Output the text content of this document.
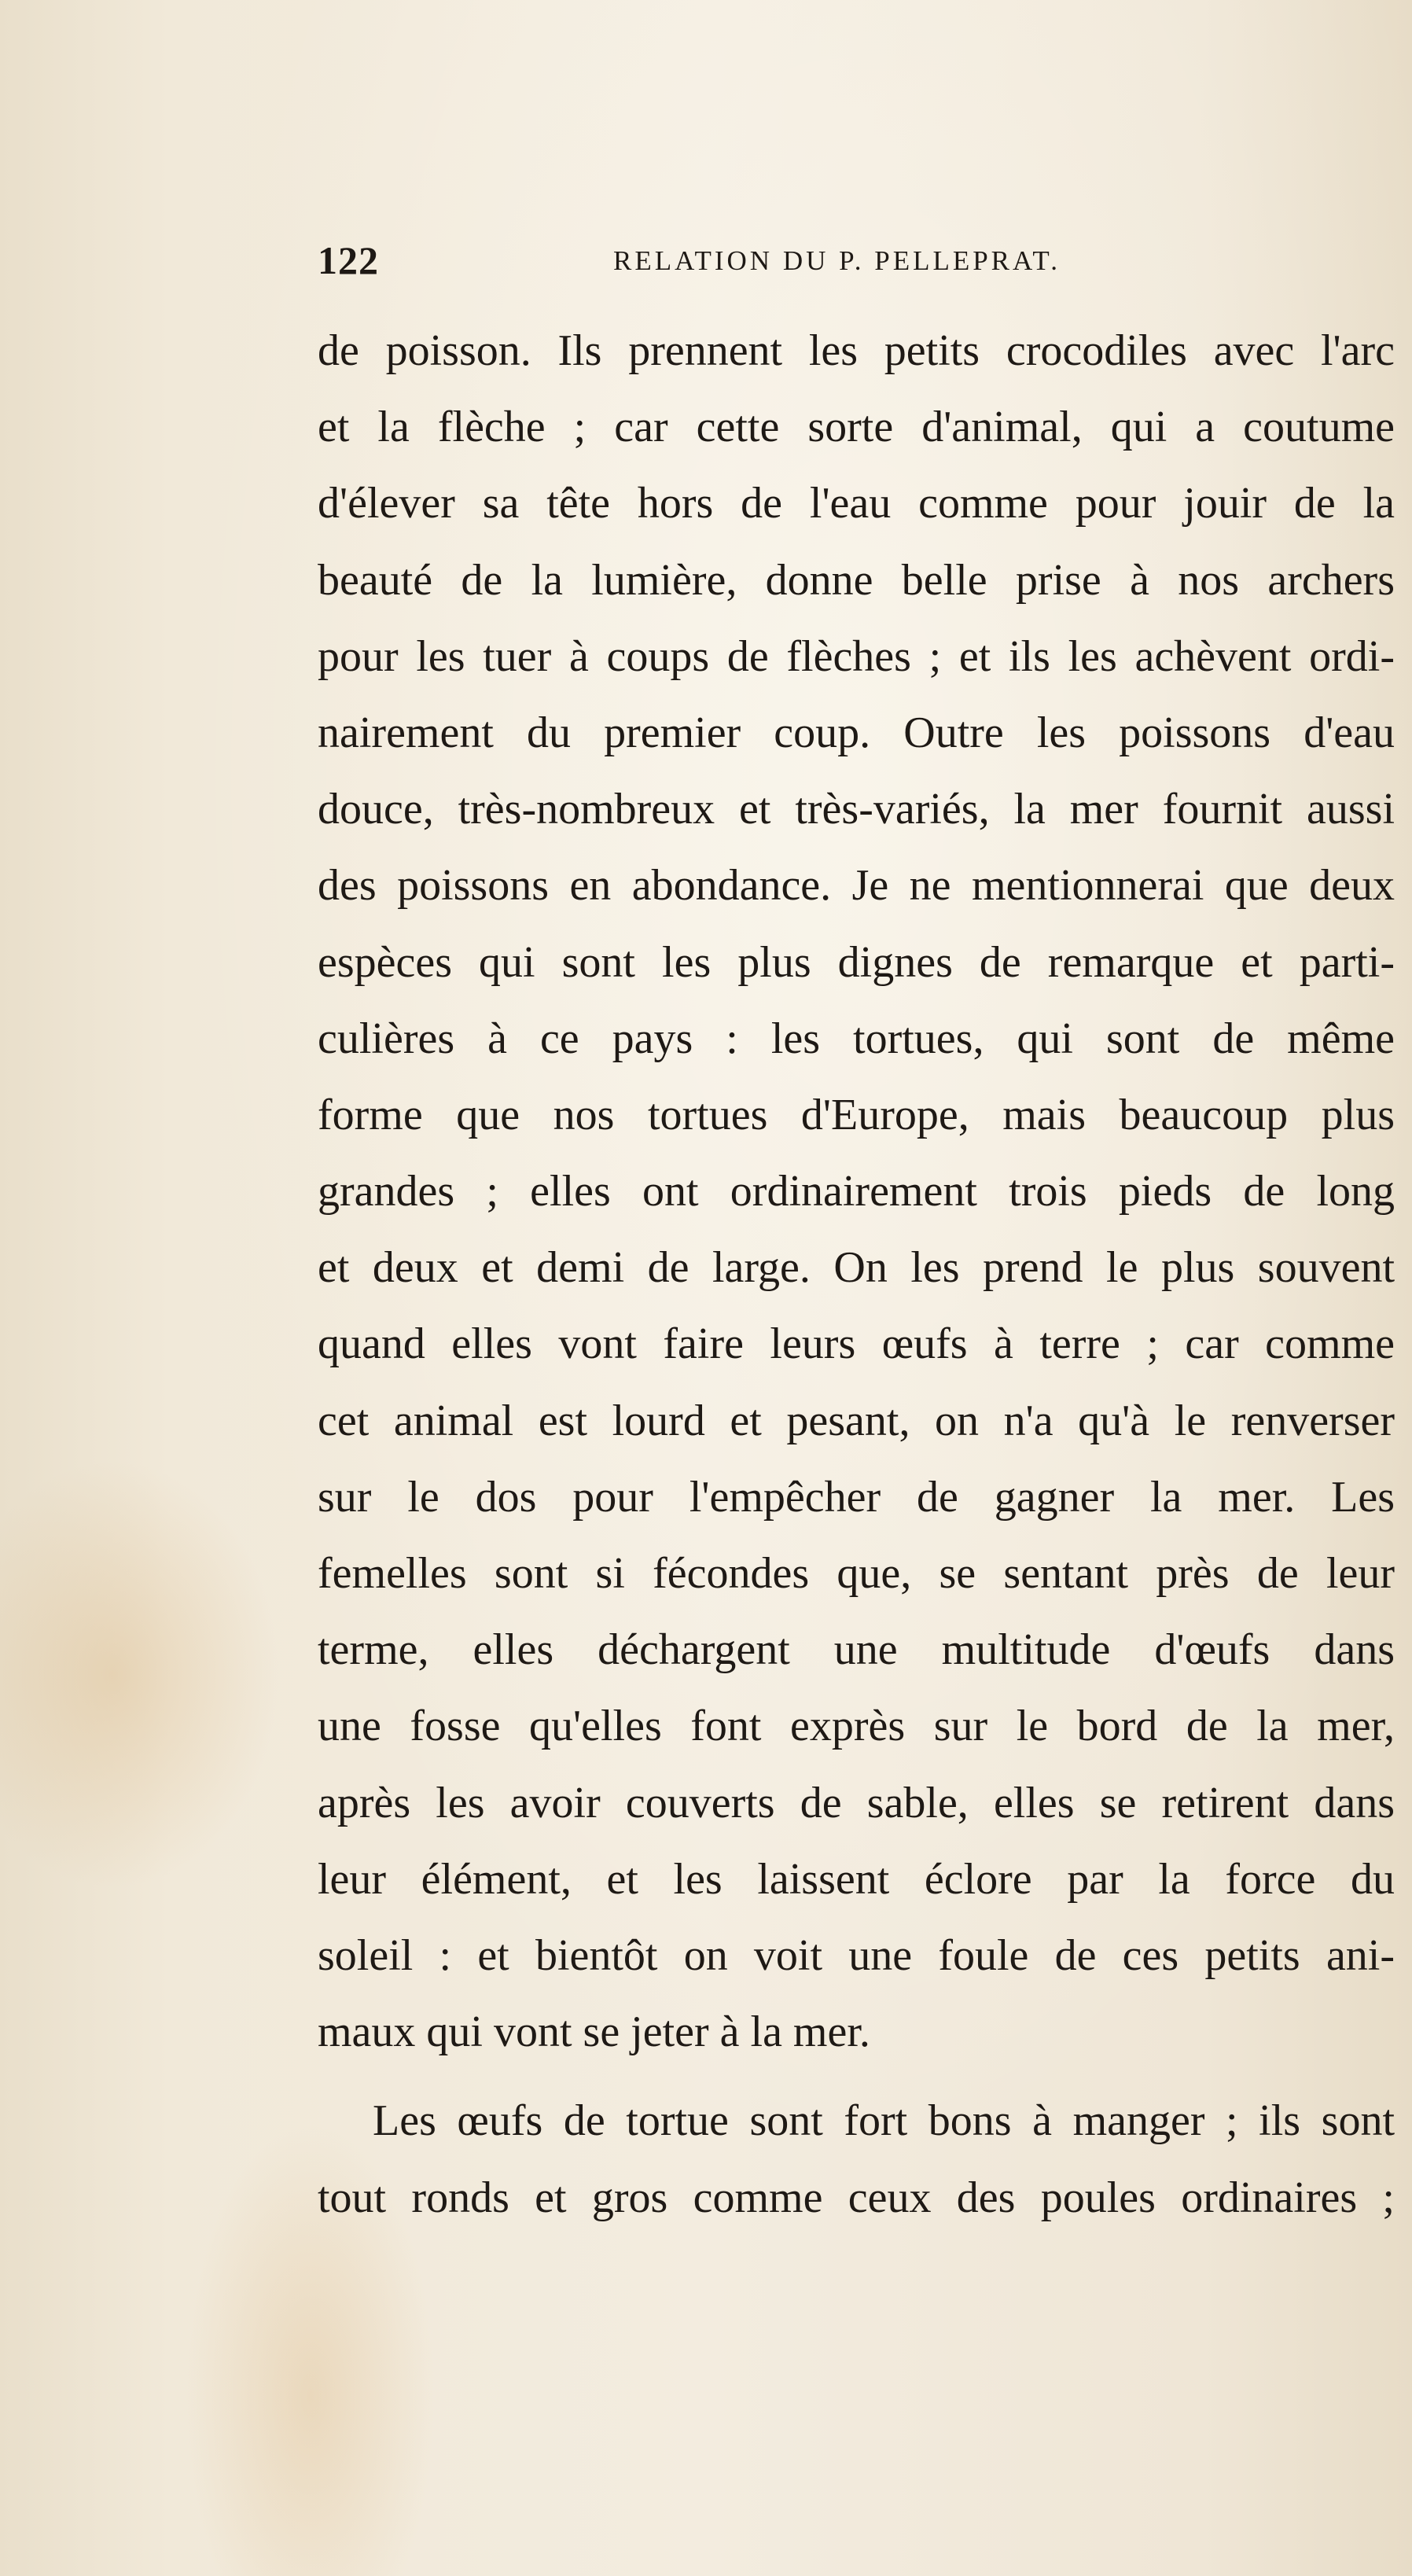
122	RELATION DU P. PELLEPRAT.
de poisson. Ils prennent les petits crocodiles avec l'arc
et la flèche ; car cette sorte d'animal, qui a coutume
d'élever sa tête hors de l'eau comme pour jouir de la
beauté de la lumière, donne belle prise à nos archers
pour les tuer à coups de flèches ; et ils les achèvent ordi-
nairement du premier coup. Outre les poissons d'eau
douce, très-nombreux et très-variés, la mer fournit aussi
des poissons en abondance. Je ne mentionnerai que deux
espèces qui sont les plus dignes de remarque et parti-
culières à ce pays : les tortues, qui sont de même
forme que nos tortues d'Europe, mais beaucoup plus
grandes ; elles ont ordinairement trois pieds de long
et deux et demi de large. On les prend le plus souvent
quand elles vont faire leurs œufs à terre ; car comme
cet animal est lourd et pesant, on n'a qu'à le renverser
sur le dos pour l'empêcher de gagner la mer. Les
femelles sont si fécondes que, se sentant près de leur
terme, elles déchargent une multitude d'œufs dans
une fosse qu'elles font exprès sur le bord de la mer,
après les avoir couverts de sable, elles se retirent dans
leur élément, et les laissent éclore par la force du
soleil : et bientôt on voit une foule de ces petits ani-
maux qui vont se jeter à la mer.
Les œufs de tortue sont fort bons à manger ; ils sont
tout ronds et gros comme ceux des poules ordinaires ;
